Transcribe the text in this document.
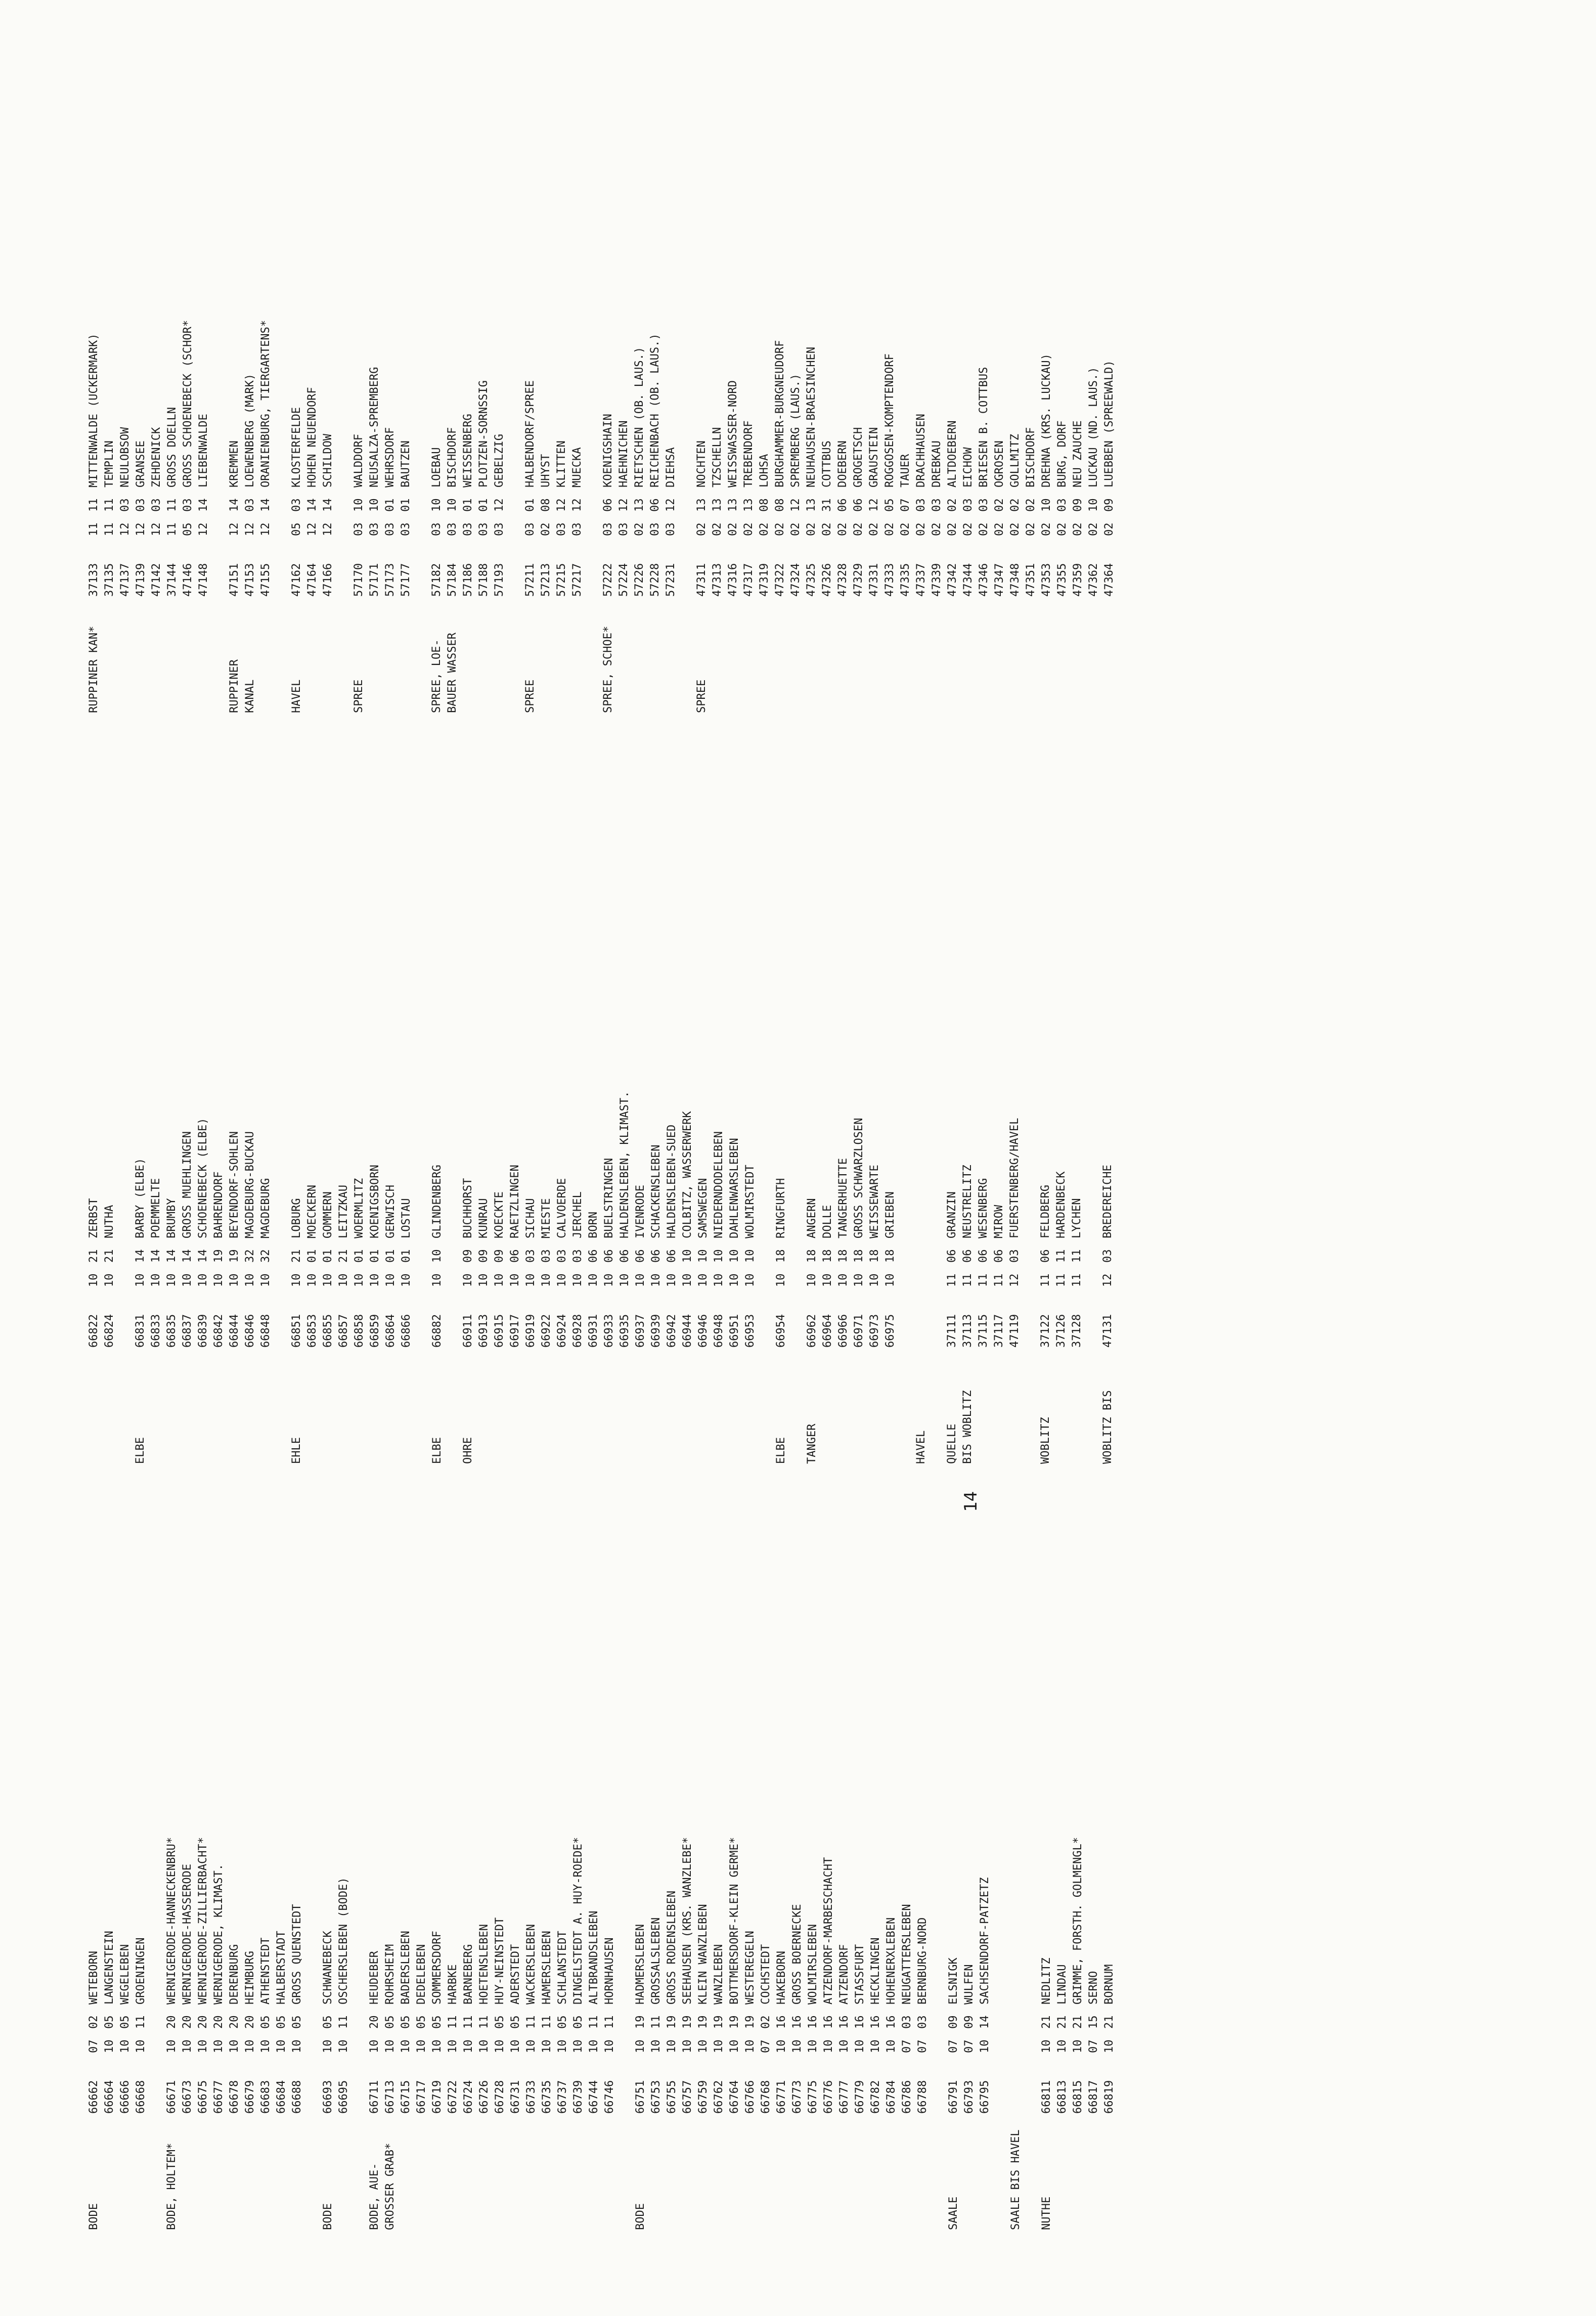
BODE
66662
07
02
WETEBORN
66664
10
05
LANGENSTEIN
66666
10
05
WEGELEBEN
66668
10
11
GROENINGEN
BODE, HOLTEM*
66671
10
20
WERNIGERODE-HANNECKENBRU*
66673
10
20
WERNIGERODE-HASSERODE
66675
10
20
WERNIGERODE-ZILLIERBACHT*
66677
10
20
WERNIGERODE, KLIMAST.
66678
10
20
DERENBURG
66679
10
20
HEIMBURG
66683
10
05
ATHENSTEDT
66684
10
05
HALBERSTADT
66688
10
05
GROSS QUENSTEDT
BODE
66693
10
05
SCHWANEBECK
66695
10
11
OSCHERSLEBEN (BODE)
BODE, AUE-
GROSSER GRAB*
66711
10
20
HEUDEBER
66713
10
05
ROHRSHEIM
66715
10
05
BADERSLEBEN
66717
10
05
DEDELEBEN
66719
10
05
SOMMERSDORF
66722
10
11
HARBKE
66724
10
11
BARNEBERG
66726
10
11
HOETENSLEBEN
66728
10
05
HUY-NEINSTEDT
66731
10
05
ADERSTEDT
66733
10
11
WACKERSLEBEN
66735
10
11
HAMERSLEBEN
66737
10
05
SCHLANSTEDT
66739
10
05
DINGELSTEDT A. HUY-ROEDE*
66744
10
11
ALTBRANDSLEBEN
66746
10
11
HORNHAUSEN
BODE
66751
10
19
HADMERSLEBEN
66753
10
11
GROSSALSLEBEN
66755
10
19
GROSS RODENSLEBEN
66757
10
19
SEEHAUSEN (KRS. WANZLEBE*
66759
10
19
KLEIN WANZLEBEN
66762
10
19
WANZLEBEN
66764
10
19
BOTTMERSDORF-KLEIN GERME*
66766
10
19
WESTEREGELN
66768
07
02
COCHSTEDT
66771
10
16
HAKEBORN
66773
10
16
GROSS BOERNECKE
66775
10
16
WOLMIRSLEBEN
66776
10
16
ATZENDORF-MARBESCHACHT
66777
10
16
ATZENDORF
66779
10
16
STASSFURT
66782
10
16
HECKLINGEN
66784
10
16
HOHENERXLEBEN
66786
07
03
NEUGATTERSLEBEN
66788
07
03
BERNBURG-NORD
SAALE
66791
07
09
ELSNIGK
66793
07
09
WULFEN
66795
10
14
SACHSENDORF-PATZETZ
SAALE BIS HAVEL NUTHE
66811
10
21
NEDLITZ
66813
10
21
LINDAU
66815
10
21
GRIMME, FORSTH. GOLMENGL*
66817
07
15
SERNO
66819
10
21
BORNUM
66822
10
21
ZERBST
66824
10
21
NUTHA
ELBE
66831
10
14
BARBY (ELBE)
66833
10
14
POEMMELTE
66835
10
14
BRUMBY
66837
10
14
GROSS MUEHLINGEN
66839
10
14
SCHOENEBECK (ELBE)
66842
10
19
BAHRENDORF
66844
10
19
BEYENDORF-SOHLEN
66846
10
32
MAGDEBURG-BUCKAU
66848
10
32
MAGDEBURG
EHLE
66851
10
21
LOBURG
66853
10
01
MOECKERN
66855
10
01
GOMMERN
66857
10
21
LEITZKAU
66858
10
01
WOERMLITZ
66859
10
01
KOENIGSBORN
66864
10
01
GERWISCH
66866
10
01
LOSTAU
ELBE
66882
10
10
GLINDENBERG
OHRE
66911
10
09
BUCHHORST
66913
10
09
KUNRAU
66915
10
09
KOECKTE
66917
10
06
RAETZLINGEN
66919
10
03
SICHAU
66922
10
03
MIESTE
66924
10
03
CALVOERDE
66928
10
03
JERCHEL
66931
10
06
BORN
66933
10
06
BUELSTRINGEN
66935
10
06
HALDENSLEBEN, KLIMAST.
66937
10
06
IVENRODE
66939
10
06
SCHACKENSLEBEN
66942
10
06
HALDENSLEBEN-SUED
66944
10
10
COLBITZ, WASSERWERK
66946
10
10
SAMSWEGEN
66948
10
10
NIEDERNDODELEBEN
66951
10
10
DAHLENWARSLEBEN
66953
10
10
WOLMIRSTEDT
ELBE
66954
10
18
RINGFURTH
TANGER
66962
10
18
ANGERN
66964
10
18
DOLLE
66966
10
18
TANGERHUETTE
66971
10
18
GROSS SCHWARZLOSEN
66973
10
18
WEISSEWARTE
66975
10
18
GRIEBEN
HAVEL QUELLE
BIS WOBLITZ
37111
11
06
GRANZIN
37113
11
06
NEUSTRELITZ
37115
11
06
WESENBERG
37117
11
06
MIROW
47119
12
03
FUERSTENBERG/HAVEL
WOBLITZ
37122
11
06
FELDBERG
37126
11
11
HARDENBECK
37128
11
11
LYCHEN
WOBLITZ BIS
47131
12
03
BREDEREICHE
RUPPINER KAN*
37133
11
11
MITTENWALDE (UCKERMARK)
37135
11
11
TEMPLIN
47137
12
03
NEULOBSOW
47139
12
03
GRANSEE
47142
12
03
ZEHDENICK
37144
11
11
GROSS DOELLN
47146
05
03
GROSS SCHOENEBECK (SCHOR*
47148
12
14
LIEBENWALDE
RUPPINER
KANAL
47151
12
14
KREMMEN
47153
12
03
LOEWENBERG (MARK)
47155
12
14
ORANIENBURG, TIERGARTENS*
HAVEL
47162
05
03
KLOSTERFELDE
47164
12
14
HOHEN NEUENDORF
47166
12
14
SCHILDOW
SPREE
57170
03
10
WALDDORF
57171
03
10
NEUSALZA-SPREMBERG
57173
03
01
WEHRSDORF
57177
03
01
BAUTZEN
SPREE, LOE-
BAUER WASSER
57182
03
10
LOEBAU
57184
03
10
BISCHDORF
57186
03
01
WEISSENBERG
57188
03
01
PLOTZEN-SORNSSIG
57193
03
12
GEBELZIG
SPREE
57211
03
01
HALBENDORF/SPREE
57213
02
08
UHYST
57215
03
12
KLITTEN
57217
03
12
MUECKA
SPREE, SCHOE*
57222
03
06
KOENIGSHAIN
57224
03
12
HAEHNICHEN
57226
02
13
RIETSCHEN (OB. LAUS.)
57228
03
06
REICHENBACH (OB. LAUS.)
57231
03
12
DIEHSA
SPREE
47311
02
13
NOCHTEN
47313
02
13
TZSCHELLN
47316
02
13
WEISSWASSER-NORD
47317
02
13
TREBENDORF
47319
02
08
LOHSA
47322
02
08
BURGHAMMER-BURGNEUDORF
47324
02
12
SPREMBERG (LAUS.)
47325
02
13
NEUHAUSEN-BRAESINCHEN
47326
02
31
COTTBUS
47328
02
06
DOEBERN
47329
02
06
GROGETSCH
47331
02
12
GRAUSTEIN
47333
02
05
ROGGOSEN-KOMPTENDORF
47335
02
07
TAUER
47337
02
03
DRACHHAUSEN
47339
02
03
DREBKAU
47342
02
02
ALTDOEBERN
47344
02
03
EICHOW
47346
02
03
BRIESEN B. COTTBUS
47347
02
02
OGROSEN
47348
02
02
GOLLMITZ
47351
02
02
BISCHDORF
47353
02
10
DREHNA (KRS. LUCKAU)
47355
02
03
BURG, DORF
47359
02
09
NEU ZAUCHE
47362
02
10
LUCKAU (ND. LAUS.)
47364
02
09
LUEBBEN (SPREEWALD)
14
